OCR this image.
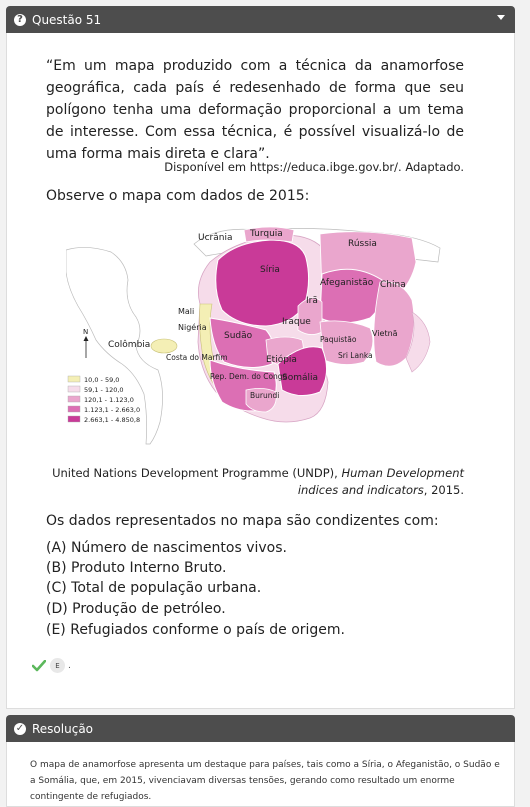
? Questão 51
“Em um mapa produzido com a técnica da anamorfose geográfica, cada país é redesenhado de forma que seu polígono tenha uma deformação proporcional a um tema de interesse. Com essa técnica, é possível visualizá-lo de uma forma mais direta e clara”.
Disponível em https://educa.ibge.gov.br/. Adaptado.
Observe o mapa com dados de 2015:
Ucrânia Turquia
Rússia
Síria
Afeganistão China
Irã
Iraque
Mali
Nigéria
Sudão	Paquistão
Vietnã
Colômbia
Costa do Marfim	Etiópia	Sri Lanka
Rep. Dem. do Congo
Somália
Burundi
N
10,0 - 59,0
59,1 - 120,0
120,1 - 1.123,0
1.123,1 - 2.663,0
2.663,1 - 4.850,8
United Nations Development Programme (UNDP), Human Development indices and indicators, 2015.
Os dados representados no mapa são condizentes com:
(A) Número de nascimentos vivos.
(B) Produto Interno Bruto.
(C) Total de população urbana.
(D) Produção de petróleo.
(E) Refugiados conforme o país de origem.
E .
✓ Resolução
O mapa de anamorfose apresenta um destaque para países, tais como a Síria, o Afeganistão, o Sudão e a Somália, que, em 2015, vivenciavam diversas tensões, gerando como resultado um enorme contingente de refugiados.
